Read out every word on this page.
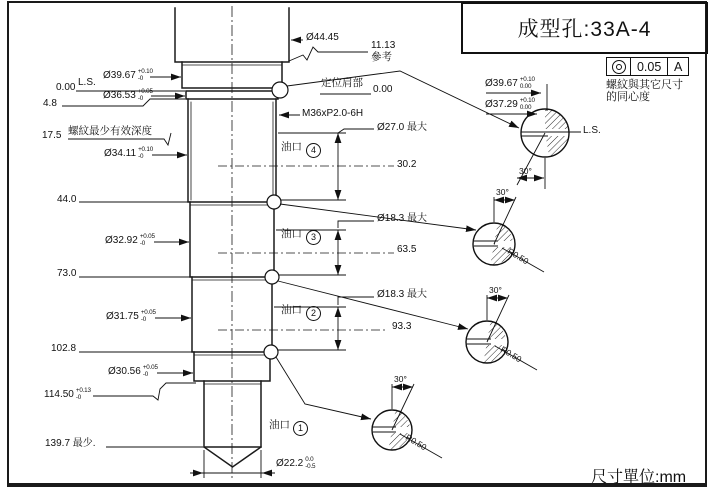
成型孔:33A-4
0.05	A
螺紋與其它尺寸
的同心度
尺寸單位:mm
Ø44.45
11.13
參考
定位肩部
0.00
M36xP2.0-6H
Ø39.67 +0.10
-0
0.00 L.S.
Ø36.53 +0.05
-0
4.8
17.5 螺紋最少有效深度
Ø34.11 +0.10
-0
44.0
Ø32.92 +0.05
-0
73.0
Ø31.75 +0.05
-0
102.8
Ø30.56 +0.05
-0
114.50 +0.13
-0
139.7 最少.
Ø39.67 +0.10
0.00
Ø37.29 +0.10
0.00
L.S.
30°
30°
30°
30°
R0.50
R0.50
R0.50
油口 4
Ø27.0 最大
30.2
油口 3
Ø18.3 最大
63.5
油口 2
Ø18.3 最大
93.3
油口 1
Ø22.2 0.0
-0.5
